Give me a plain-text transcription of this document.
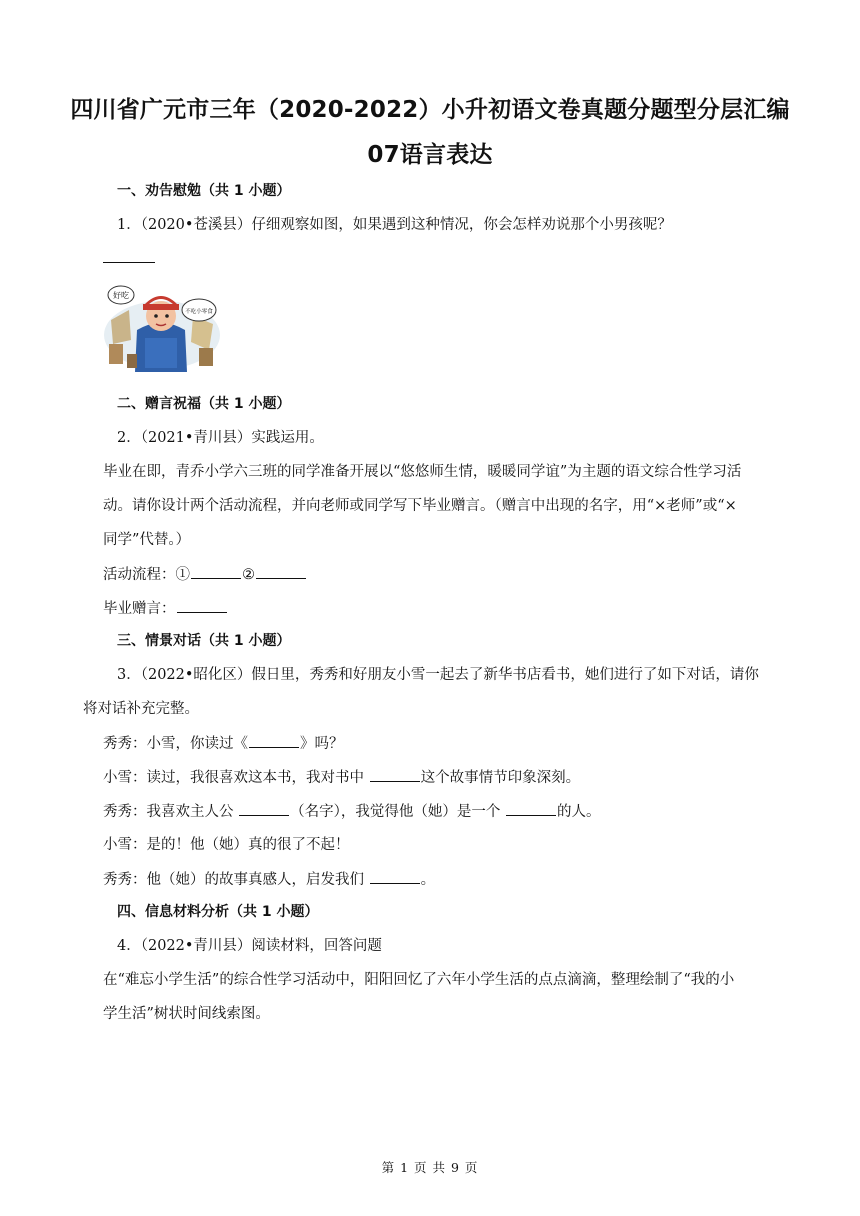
四川省广元市三年（2020-2022）小升初语文卷真题分题型分层汇编
07语言表达
一、劝告慰勉（共 1 小题）
1．（2020•苍溪县）仔细观察如图，如果遇到这种情况，你会怎样劝说那个小男孩呢？
好吃
不吃小零食
二、赠言祝福（共 1 小题）
2．（2021•青川县）实践运用。
毕业在即，青乔小学六三班的同学准备开展以“悠悠师生情，暖暖同学谊”为主题的语文综合性学习活
动。请你设计两个活动流程，并向老师或同学写下毕业赠言。（赠言中出现的名字，用“×老师”或“×
同学”代替。）
活动流程：①	②
毕业赠言：
三、情景对话（共 1 小题）
3．（2022•昭化区）假日里，秀秀和好朋友小雪一起去了新华书店看书，她们进行了如下对话，请你
将对话补充完整。
秀秀：小雪，你读过《	》吗？
小雪：读过，我很喜欢这本书，我对书中	这个故事情节印象深刻。
秀秀：我喜欢主人公	（名字），我觉得他（她）是一个	的人。
小雪：是的！他（她）真的很了不起！
秀秀：他（她）的故事真感人，启发我们	。
四、信息材料分析（共 1 小题）
4．（2022•青川县）阅读材料，回答问题
在“难忘小学生活”的综合性学习活动中，阳阳回忆了六年小学生活的点点滴滴，整理绘制了“我的小
学生活”树状时间线索图。
第 1 页 共 9 页
